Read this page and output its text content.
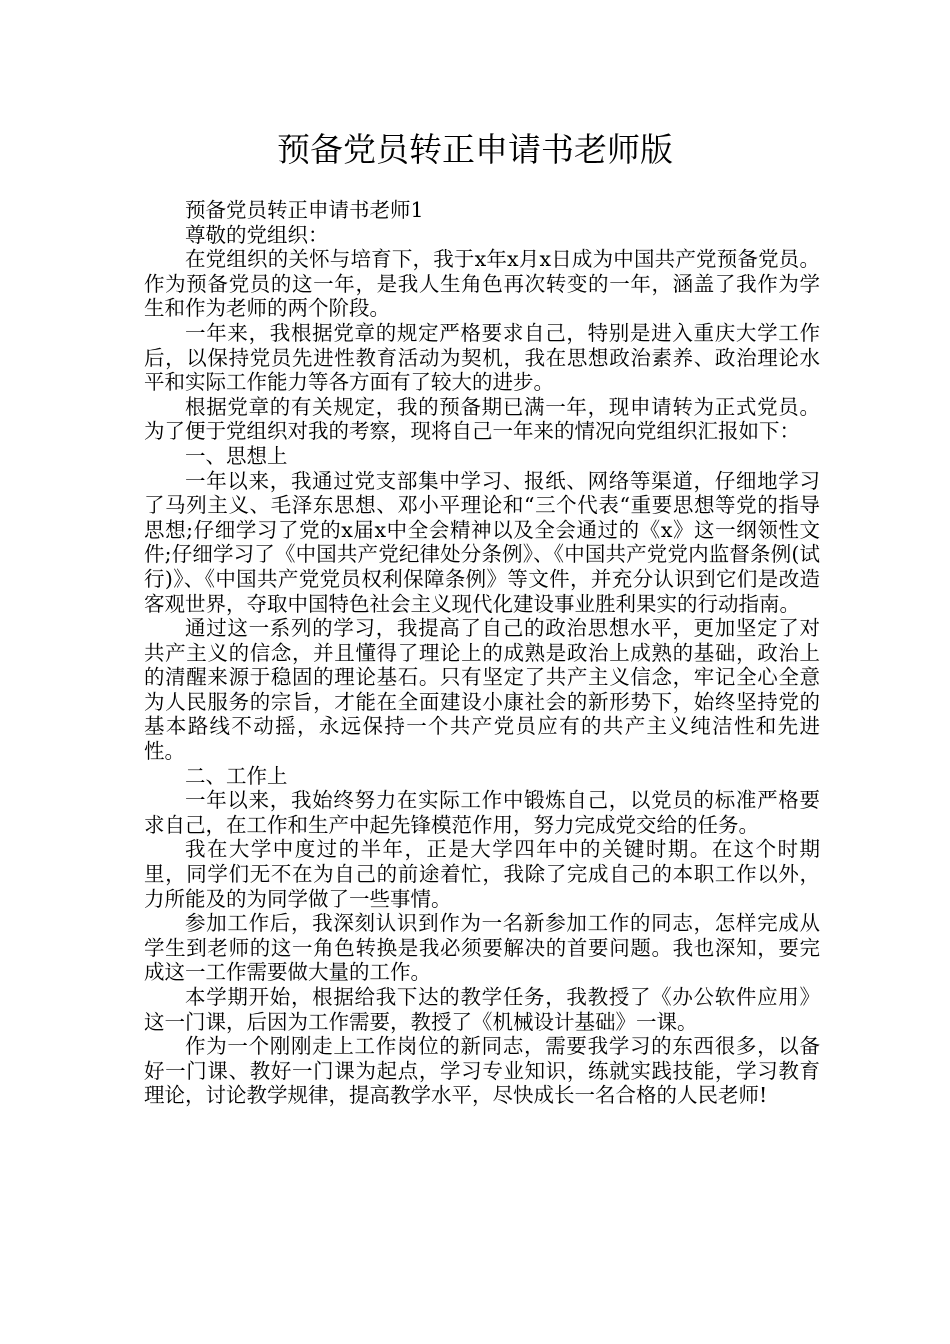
预备党员转正申请书老师版

预备党员转正申请书老师1

尊敬的党组织：

在党组织的关怀与培育下，我于x年x月x日成为中国共产党预备党员。作为预备党员的这一年，是我人生角色再次转变的一年，涵盖了我作为学生和作为老师的两个阶段。

一年来，我根据党章的规定严格要求自己，特别是进入重庆大学工作后，以保持党员先进性教育活动为契机，我在思想政治素养、政治理论水平和实际工作能力等各方面有了较大的进步。

根据党章的有关规定，我的预备期已满一年，现申请转为正式党员。为了便于党组织对我的考察，现将自己一年来的情况向党组织汇报如下：

一、思想上

一年以来，我通过党支部集中学习、报纸、网络等渠道，仔细地学习了马列主义、毛泽东思想、邓小平理论和“三个代表“重要思想等党的指导思想;仔细学习了党的x届x中全会精神以及全会通过的《x》这一纲领性文件;仔细学习了《中国共产党纪律处分条例》、《中国共产党党内监督条例(试行)》、《中国共产党党员权利保障条例》等文件，并充分认识到它们是改造客观世界，夺取中国特色社会主义现代化建设事业胜利果实的行动指南。

通过这一系列的学习，我提高了自己的政治思想水平，更加坚定了对共产主义的信念，并且懂得了理论上的成熟是政治上成熟的基础，政治上的清醒来源于稳固的理论基石。只有坚定了共产主义信念，牢记全心全意为人民服务的宗旨，才能在全面建设小康社会的新形势下，始终坚持党的基本路线不动摇，永远保持一个共产党员应有的共产主义纯洁性和先进性。

二、工作上

一年以来，我始终努力在实际工作中锻炼自己，以党员的标准严格要求自己，在工作和生产中起先锋模范作用，努力完成党交给的任务。

我在大学中度过的半年，正是大学四年中的关键时期。在这个时期里，同学们无不在为自己的前途着忙，我除了完成自己的本职工作以外，力所能及的为同学做了一些事情。

参加工作后，我深刻认识到作为一名新参加工作的同志，怎样完成从学生到老师的这一角色转换是我必须要解决的首要问题。我也深知，要完成这一工作需要做大量的工作。

本学期开始，根据给我下达的教学任务，我教授了《办公软件应用》这一门课，后因为工作需要，教授了《机械设计基础》一课。

作为一个刚刚走上工作岗位的新同志，需要我学习的东西很多，以备好一门课、教好一门课为起点，学习专业知识，练就实践技能，学习教育理论，讨论教学规律，提高教学水平，尽快成长一名合格的人民老师!
